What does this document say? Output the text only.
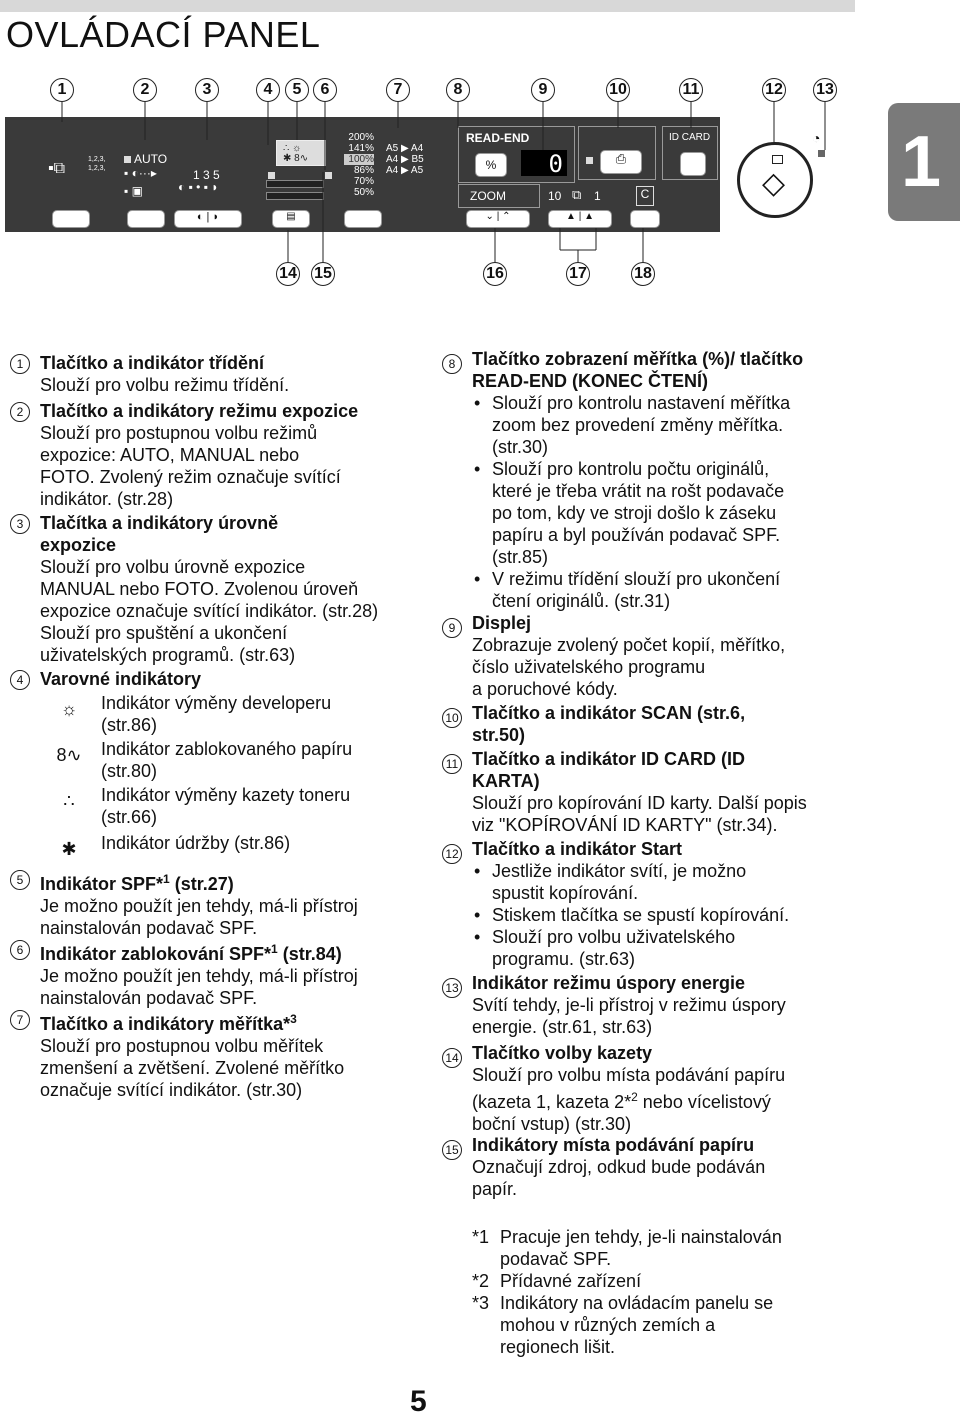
OVLÁDACÍ PANEL
1
1	2	3	4	5	6	7	8	9	10	11	12 13
▪⧉
1,2,3,
1,2,3,
AUTO
▪ ◐···▸
▪ ▣
1 3 5
◐ ▪ • ▪ ◗
∴ ☼
✱ 8∿
200%
141%
100%
86%
70%
50%
A5 ▶ A4
A4 ▶ B5
A4 ▶ A5
READ-END
%	0
ZOOM	10 ⧉ 1	C
⎙
ID CARD
◐ | ◗	▤	⌄ | ⌃	▲ | ▲
◇
◔
14 15	16	17	18
1 Tlačítko a indikátor třídění
Slouží pro volbu režimu třídění.
2 Tlačítko a indikátory režimu expozice
Slouží pro postupnou volbu režimů
expozice: AUTO, MANUAL nebo
FOTO. Zvolený režim označuje svítící
indikátor. (str.28)
3 Tlačítka a indikátory úrovně
expozice
Slouží pro volbu úrovně expozice
MANUAL nebo FOTO. Zvolenou úroveň
expozice označuje svítící indikátor. (str.28)
Slouží pro spuštění a ukončení
uživatelských programů. (str.63)
4 Varovné indikátory
5 Indikátor SPF*$^1$ (str.27)
Je možno použít jen tehdy, má-li přístroj
nainstalován podavač SPF.
6 Indikátor zablokování SPF*$^1$ (str.84)
Je možno použít jen tehdy, má-li přístroj
nainstalován podavač SPF.
7 Tlačítko a indikátory měřítka*$^3$
Slouží pro postupnou volbu měřítek
zmenšení a zvětšení. Zvolené měřítko
označuje svítící indikátor. (str.30)
☼ Indikátor výměny developeru
(str.86)
8∿ Indikátor zablokovaného papíru
(str.80)
∴	Indikátor výměny kazety toneru
(str.66)
✱	Indikátor údržby (str.86)
8 Tlačítko zobrazení měřítka (%)/ tlačítko
READ-END (KONEC ČTENÍ)
• Slouží pro kontrolu nastavení měřítka
zoom bez provedení změny měřítka.
(str.30)
• Slouží pro kontrolu počtu originálů,
které je třeba vrátit na rošt podavače
po tom, kdy ve stroji došlo k záseku
papíru a byl používán podavač SPF.
(str.85)
• V režimu třídění slouží pro ukončení
čtení originálů. (str.31)
9 Displej
Zobrazuje zvolený počet kopií, měřítko,
číslo uživatelského programu
a poruchové kódy.
10 Tlačítko a indikátor SCAN (str.6,
str.50)
11 Tlačítko a indikátor ID CARD (ID
KARTA)
Slouží pro kopírování ID karty. Další popis
viz "KOPÍROVÁNÍ ID KARTY" (str.34).
12 Tlačítko a indikátor Start
• Jestliže indikátor svítí, je možno
spustit kopírování.
• Stiskem tlačítka se spustí kopírování.
• Slouží pro volbu uživatelského
programu. (str.63)
13 Indikátor režimu úspory energie
Svítí tehdy, je-li přístroj v režimu úspory
energie. (str.61, str.63)
14 Tlačítko volby kazety
Slouží pro volbu místa podávání papíru
(kazeta 1, kazeta 2*$^2$ nebo vícelistový
boční vstup) (str.30)
15 Indikátory místa podávání papíru
Označují zdroj, odkud bude podáván
papír.
*1 Pracuje jen tehdy, je-li nainstalován
podavač SPF.
*2 Přídavné zařízení
*3 Indikátory na ovládacím panelu se
mohou v různých zemích a
regionech lišit.
5
